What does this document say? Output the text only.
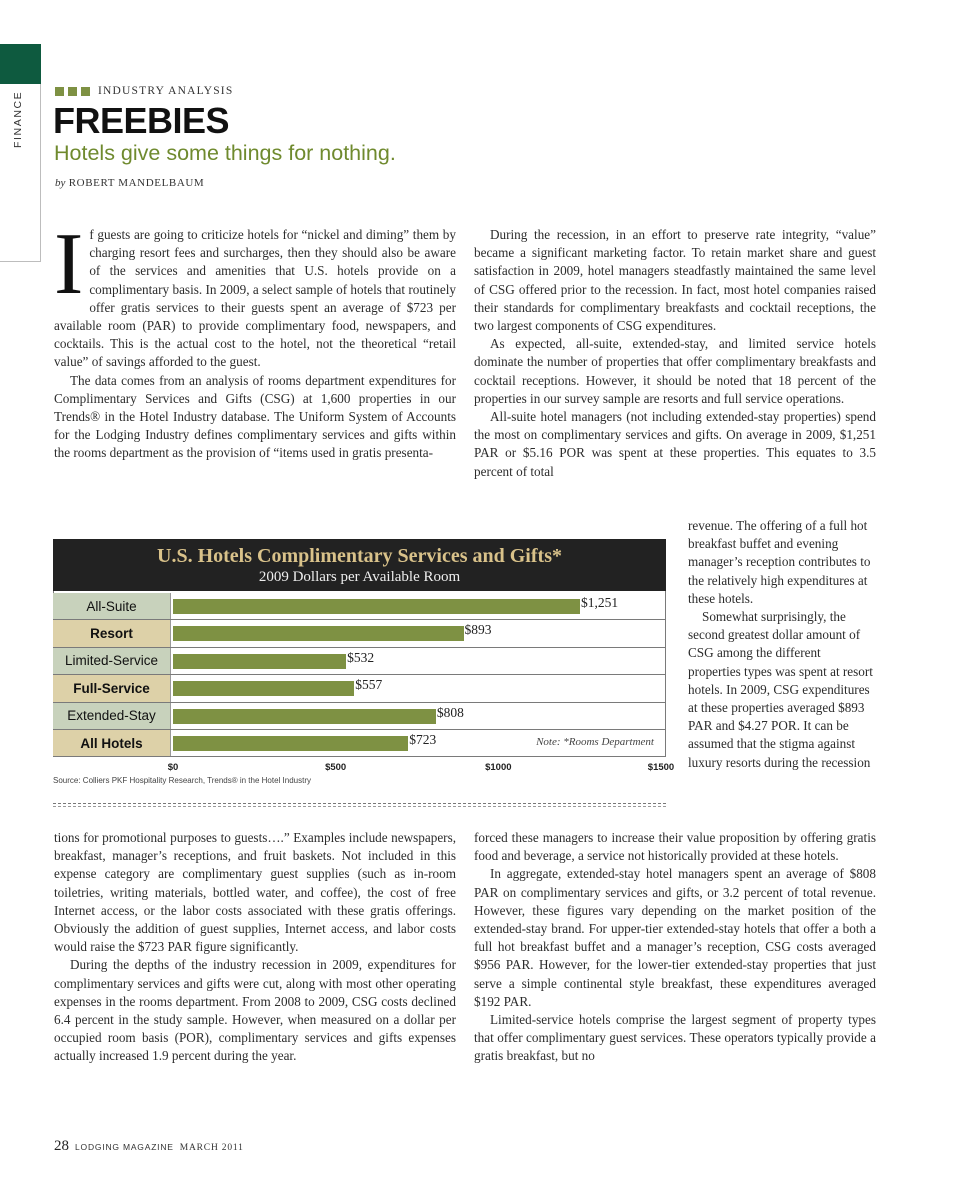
FINANCE	INDUSTRY ANALYSIS
FREEBIES
Hotels give some things for nothing.
by ROBERT MANDELBAUM

If guests are going to criticize hotels for “nickel and diming” them by charging resort fees and surcharges, then they should also be aware of the services and amenities that U.S. hotels provide on a complimentary basis. In 2009, a select sample of hotels that routinely offer gratis services to their guests spent an average of $723 per available room (PAR) to provide complimentary food, newspapers, and cocktails. This is the actual cost to the hotel, not the theoretical “retail value” of savings afforded to the guest.

The data comes from an analysis of rooms department expenditures for Complimentary Services and Gifts (CSG) at 1,600 properties in our Trends® in the Hotel Industry database. The Uniform System of Accounts for the Lodging Industry defines complimentary services and gifts within the rooms department as the provision of “items used in gratis presenta-

During the recession, in an effort to preserve rate integrity, “value” became a significant marketing factor. To retain market share and guest satisfaction in 2009, hotel managers steadfastly maintained the same level of CSG offered prior to the recession. In fact, most hotel companies raised their standards for complimentary breakfasts and cocktail receptions, the two largest components of CSG expenditures.

As expected, all-suite, extended-stay, and limited service hotels dominate the number of properties that offer complimentary breakfasts and cocktail receptions. However, it should be noted that 18 percent of the properties in our survey sample are resorts and full service operations.

All-suite hotel managers (not including extended-stay properties) spend the most on complimentary services and gifts. On average in 2009, $1,251 PAR or $5.16 POR was spent at these properties. This equates to 3.5 percent of total

revenue. The offering of a full hot breakfast buffet and evening manager’s reception contributes to the relatively high expenditures at these hotels.

Somewhat surprisingly, the second greatest dollar amount of CSG among the different properties types was spent at resort hotels. In 2009, CSG expenditures at these properties averaged $893 PAR and $4.27 POR. It can be assumed that the stigma against luxury resorts during the recession

U.S. Hotels Complimentary Services and Gifts*
2009 Dollars per Available Room
All-Suite	$1,251
Resort	$893
Limited-Service	$532
Full-Service	$557
Extended-Stay	$808
All Hotels	$723	Note: *Rooms Department
$0	$500	$1000	$1500
Source: Colliers PKF Hospitality Research, Trends® in the Hotel Industry

tions for promotional purposes to guests….” Examples include newspapers, breakfast, manager’s receptions, and fruit baskets. Not included in this expense category are complimentary guest supplies (such as in-room toiletries, writing materials, bottled water, and coffee), the cost of free Internet access, or the labor costs associated with these gratis offerings. Obviously the addition of guest supplies, Internet access, and labor costs would raise the $723 PAR figure significantly.

During the depths of the industry recession in 2009, expenditures for complimentary services and gifts were cut, along with most other operating expenses in the rooms department. From 2008 to 2009, CSG costs declined 6.4 percent in the study sample. However, when measured on a dollar per occupied room basis (POR), complimentary services and gifts expenses actually increased 1.9 percent during the year.

forced these managers to increase their value proposition by offering gratis food and beverage, a service not historically provided at these hotels.

In aggregate, extended-stay hotel managers spent an average of $808 PAR on complimentary services and gifts, or 3.2 percent of total revenue. However, these figures vary depending on the market position of the extended-stay brand. For upper-tier extended-stay hotels that offer a both a full hot breakfast buffet and a manager’s reception, CSG costs averaged $956 PAR. However, for the lower-tier extended-stay properties that just serve a simple continental style breakfast, these expenditures averaged $192 PAR.

Limited-service hotels comprise the largest segment of property types that offer complimentary guest services. These operators typically provide a gratis breakfast, but no

28 LODGING MAGAZINE MARCH 2011
